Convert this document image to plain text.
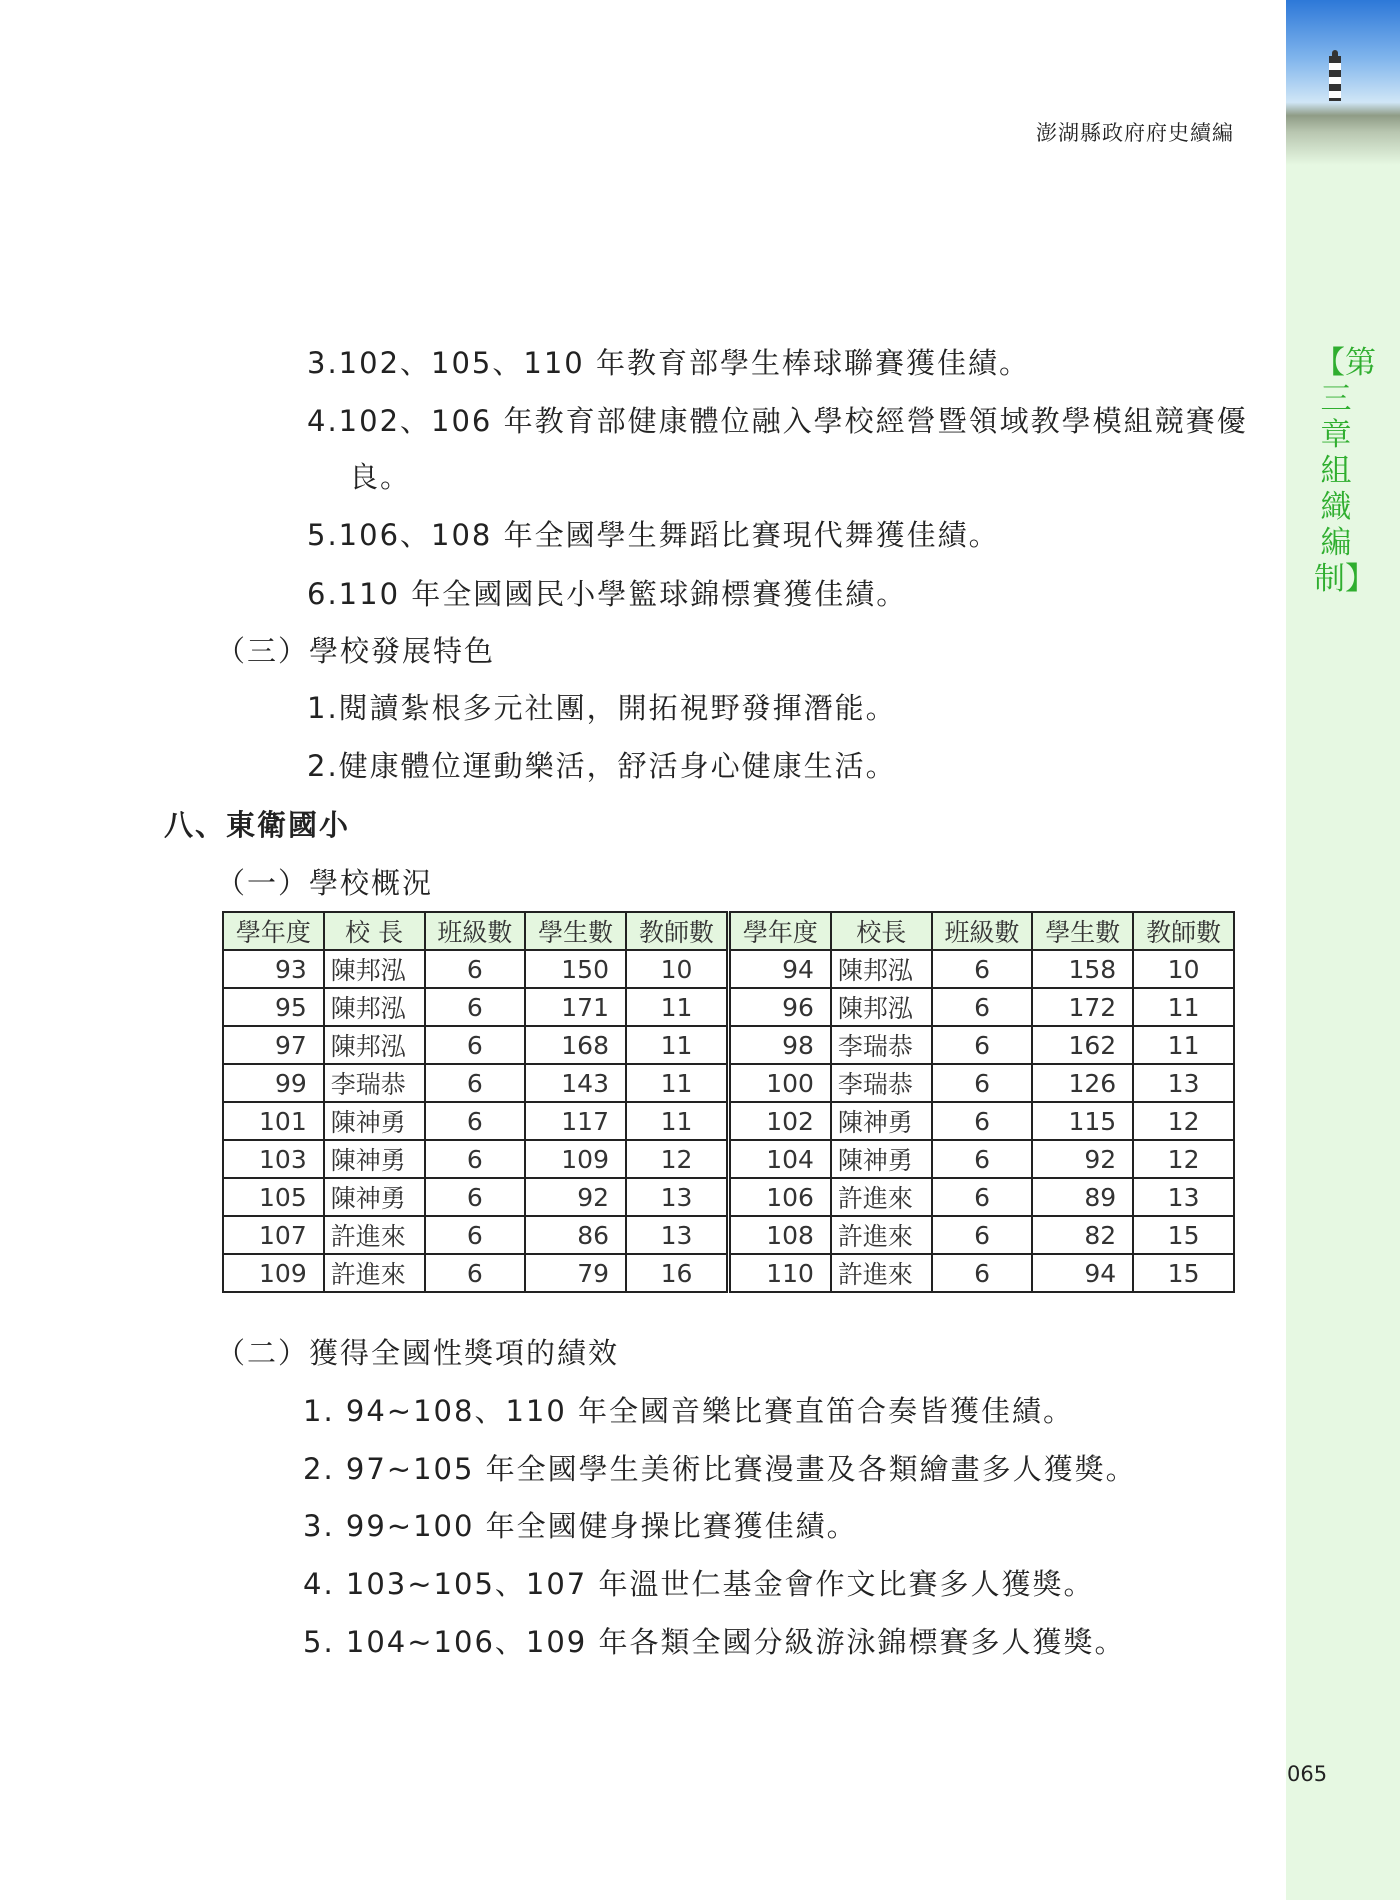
【第三章 組織編制】
澎湖縣政府府史續編
065
3.102、105、110 年教育部學生棒球聯賽獲佳績。
4.102、106 年教育部健康體位融入學校經營暨領域教學模組競賽優
良。
5.106、108 年全國學生舞蹈比賽現代舞獲佳績。
6.110 年全國國民小學籃球錦標賽獲佳績。
（三）學校發展特色
1.閱讀紮根多元社團，開拓視野發揮潛能。
2.健康體位運動樂活，舒活身心健康生活。
八、東衛國小
（一）學校概況
學年度	校 長	班級數	學生數	教師數	學年度	校長	班級數	學生數	教師數
93	陳邦泓	6	150	10	94	陳邦泓	6	158	10
95	陳邦泓	6	171	11	96	陳邦泓	6	172	11
97	陳邦泓	6	168	11	98	李瑞恭	6	162	11
99	李瑞恭	6	143	11	100	李瑞恭	6	126	13
101	陳神勇	6	117	11	102	陳神勇	6	115	12
103	陳神勇	6	109	12	104	陳神勇	6	92	12
105	陳神勇	6	92	13	106	許進來	6	89	13
107	許進來	6	86	13	108	許進來	6	82	15
109	許進來	6	79	16	110	許進來	6	94	15
（二）獲得全國性獎項的績效
1. 94~108、110 年全國音樂比賽直笛合奏皆獲佳績。
2. 97~105 年全國學生美術比賽漫畫及各類繪畫多人獲獎。
3. 99~100 年全國健身操比賽獲佳績。
4. 103~105、107 年溫世仁基金會作文比賽多人獲獎。
5. 104~106、109 年各類全國分級游泳錦標賽多人獲獎。
